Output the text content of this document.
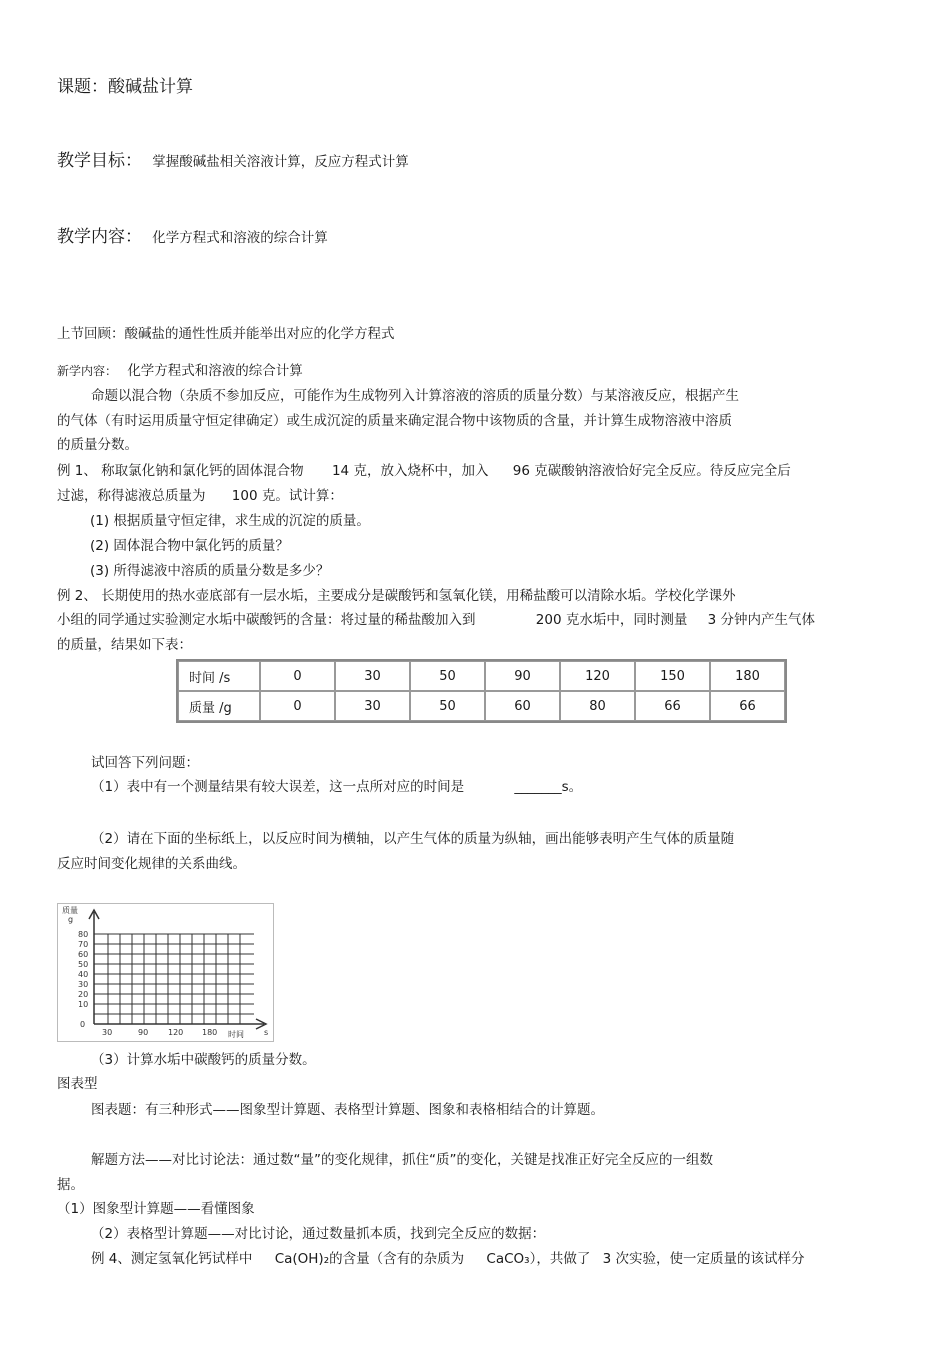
课题：酸碱盐计算
教学目标： 掌握酸碱盐相关溶液计算，反应方程式计算
教学内容： 化学方程式和溶液的综合计算
上节回顾：酸碱盐的通性性质并能举出对应的化学方程式
新学内容： 化学方程式和溶液的综合计算
命题以混合物（杂质不参加反应，可能作为生成物列入计算溶液的溶质的质量分数）与某溶液反应，根据产生
的气体（有时运用质量守恒定律确定）或生成沉淀的质量来确定混合物中该物质的含量，并计算生成物溶液中溶质
的质量分数。
例 1、 称取氯化钠和氯化钙的固体混合物 14 克，放入烧杯中，加入 96 克碳酸钠溶液恰好完全反应。待反应完全后
过滤，称得滤液总质量为 100 克。试计算：
(1) 根据质量守恒定律，求生成的沉淀的质量。
(2) 固体混合物中氯化钙的质量？
(3) 所得滤液中溶质的质量分数是多少？
例 2、 长期使用的热水壶底部有一层水垢，主要成分是碳酸钙和氢氧化镁，用稀盐酸可以清除水垢。学校化学课外
小组的同学通过实验测定水垢中碳酸钙的含量：将过量的稀盐酸加入到	200 克水垢中，同时测量 3 分钟内产生气体
的质量，结果如下表：
时间 /s	0	30	50	90	120	150	180
质量 /g	0	30	50	60	80	66	66
试回答下列问题：
（1）表中有一个测量结果有较大误差，这一点所对应的时间是	_______s。
（2）请在下面的坐标纸上，以反应时间为横轴，以产生气体的质量为纵轴，画出能够表明产生气体的质量随
反应时间变化规律的关系曲线。
质量
g
80
70
60
50
40
30
20
10
0
30	90 120 180 时间	s
（3）计算水垢中碳酸钙的质量分数。
图表型
图表题：有三种形式——图象型计算题、表格型计算题、图象和表格相结合的计算题。
解题方法——对比讨论法：通过数“量”的变化规律，抓住“质”的变化，关键是找准正好完全反应的一组数
据。
（1）图象型计算题——看懂图象
（2）表格型计算题——对比讨论，通过数量抓本质，找到完全反应的数据：
例 4、测定氢氧化钙试样中 Ca(OH)₂的含量（含有的杂质为 CaCO₃），共做了 3 次实验，使一定质量的该试样分
